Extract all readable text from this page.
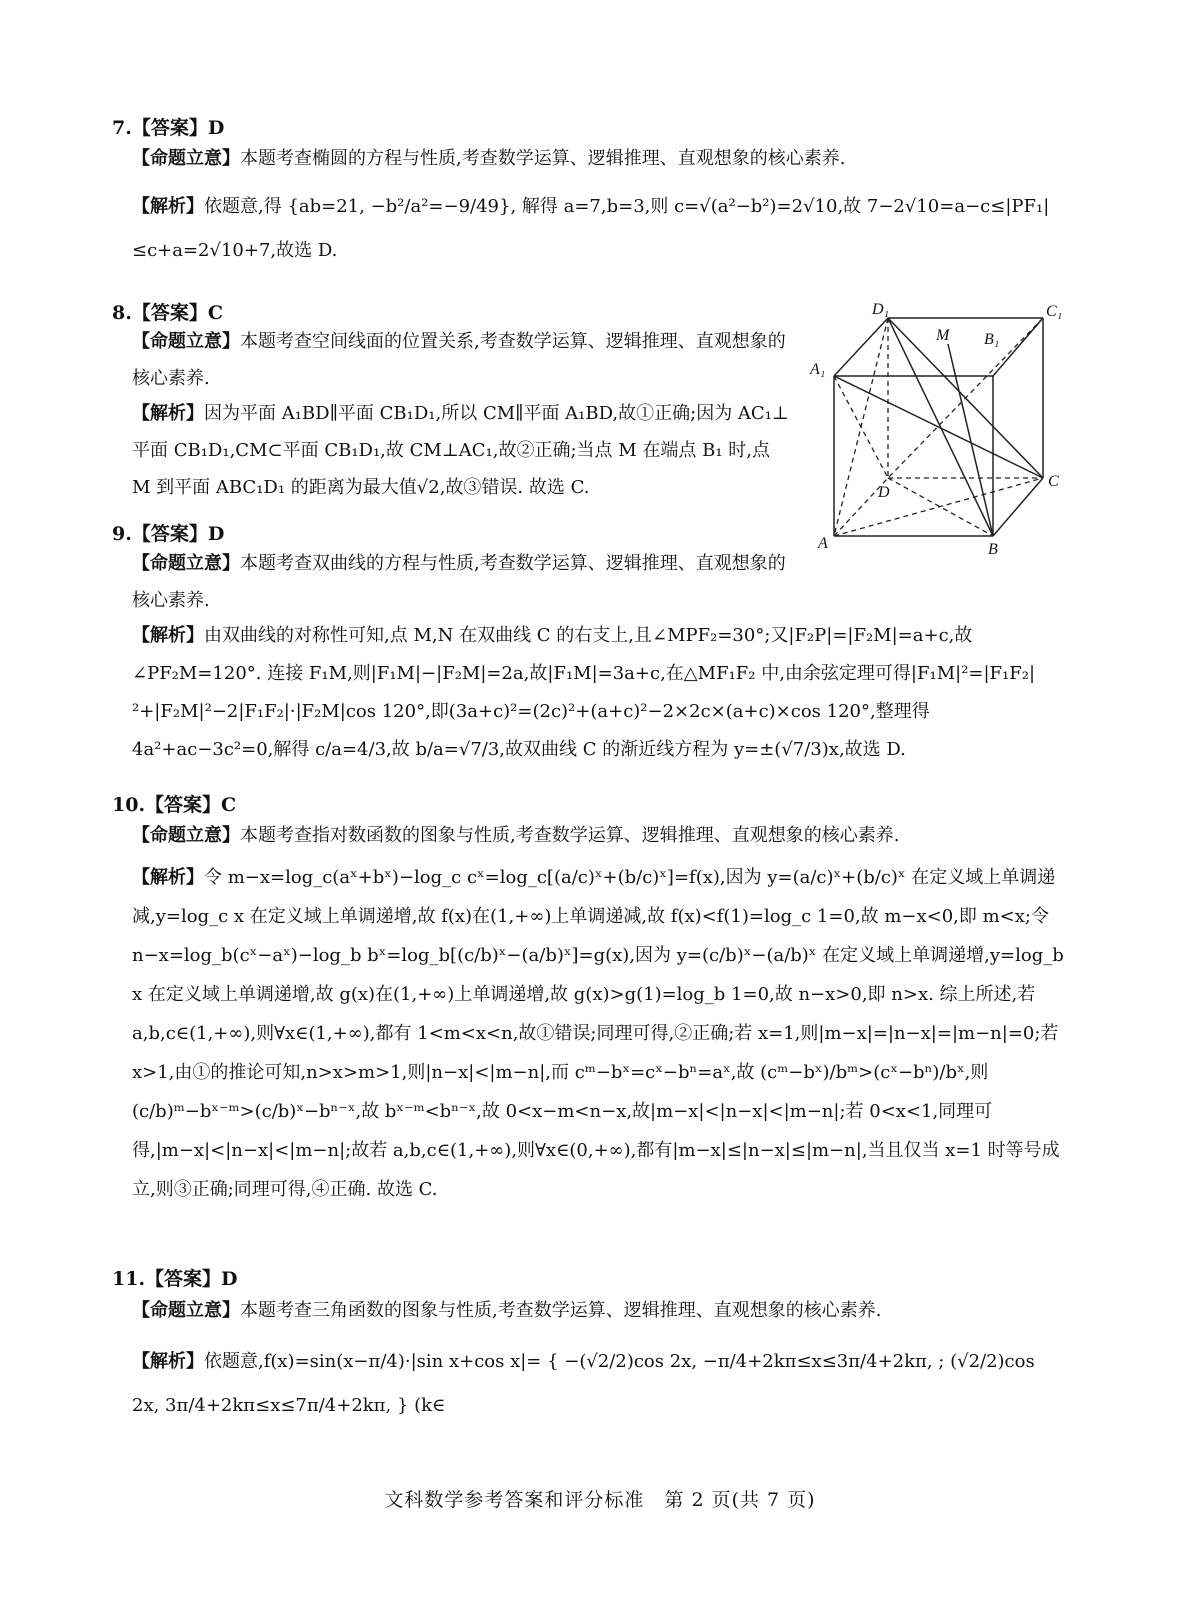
7.【答案】D
【命题立意】本题考查椭圆的方程与性质,考查数学运算、逻辑推理、直观想象的核心素养.
【解析】依题意,得 {ab=21, −b²/a²=−9/49}, 解得 a=7,b=3,则 c=√(a²−b²)=2√10,故 7−2√10=a−c≤|PF₁|≤c+a=2√10+7,故选 D.
8.【答案】C
【命题立意】本题考查空间线面的位置关系,考查数学运算、逻辑推理、直观想象的核心素养.
【解析】因为平面 A₁BD∥平面 CB₁D₁,所以 CM∥平面 A₁BD,故①正确;因为 AC₁⊥平面 CB₁D₁,CM⊂平面 CB₁D₁,故 CM⊥AC₁,故②正确;当点 M 在端点 B₁ 时,点 M 到平面 ABC₁D₁ 的距离为最大值√2,故③错误. 故选 C.
D₁
M B₁
C₁
A₁
D
C
A	B
9.【答案】D
【命题立意】本题考查双曲线的方程与性质,考查数学运算、逻辑推理、直观想象的核心素养.
【解析】由双曲线的对称性可知,点 M,N 在双曲线 C 的右支上,且∠MPF₂=30°;又|F₂P|=|F₂M|=a+c,故∠PF₂M=120°. 连接 F₁M,则|F₁M|−|F₂M|=2a,故|F₁M|=3a+c,在△MF₁F₂ 中,由余弦定理可得|F₁M|²=|F₁F₂|²+|F₂M|²−2|F₁F₂|·|F₂M|cos 120°,即(3a+c)²=(2c)²+(a+c)²−2×2c×(a+c)×cos 120°,整理得 4a²+ac−3c²=0,解得 c/a=4/3,故 b/a=√7/3,故双曲线 C 的渐近线方程为 y=±(√7/3)x,故选 D.
10.【答案】C
【命题立意】本题考查指对数函数的图象与性质,考查数学运算、逻辑推理、直观想象的核心素养.
【解析】令 m−x=log_c(aˣ+bˣ)−log_c cˣ=log_c[(a/c)ˣ+(b/c)ˣ]=f(x),因为 y=(a/c)ˣ+(b/c)ˣ 在定义域上单调递减,y=log_c x 在定义域上单调递增,故 f(x)在(1,+∞)上单调递减,故 f(x)<f(1)=log_c 1=0,故 m−x<0,即 m<x;令 n−x=log_b(cˣ−aˣ)−log_b bˣ=log_b[(c/b)ˣ−(a/b)ˣ]=g(x),因为 y=(c/b)ˣ−(a/b)ˣ 在定义域上单调递增,y=log_b x 在定义域上单调递增,故 g(x)在(1,+∞)上单调递增,故 g(x)>g(1)=log_b 1=0,故 n−x>0,即 n>x. 综上所述,若 a,b,c∈(1,+∞),则∀x∈(1,+∞),都有 1<m<x<n,故①错误;同理可得,②正确;若 x=1,则|m−x|=|n−x|=|m−n|=0;若 x>1,由①的推论可知,n>x>m>1,则|n−x|<|m−n|,而 cᵐ−bˣ=cˣ−bⁿ=aˣ,故 (cᵐ−bˣ)/bᵐ>(cˣ−bⁿ)/bˣ,则(c/b)ᵐ−bˣ⁻ᵐ>(c/b)ˣ−bⁿ⁻ˣ,故 bˣ⁻ᵐ<bⁿ⁻ˣ,故 0<x−m<n−x,故|m−x|<|n−x|<|m−n|;若 0<x<1,同理可得,|m−x|<|n−x|<|m−n|;故若 a,b,c∈(1,+∞),则∀x∈(0,+∞),都有|m−x|≤|n−x|≤|m−n|,当且仅当 x=1 时等号成立,则③正确;同理可得,④正确. 故选 C.
11.【答案】D
【命题立意】本题考查三角函数的图象与性质,考查数学运算、逻辑推理、直观想象的核心素养.
【解析】依题意,f(x)=sin(x−π/4)·|sin x+cos x|= { −(√2/2)cos 2x, −π/4+2kπ≤x≤3π/4+2kπ, ; (√2/2)cos 2x, 3π/4+2kπ≤x≤7π/4+2kπ, } (k∈
文科数学参考答案和评分标准　第 2 页(共 7 页)
